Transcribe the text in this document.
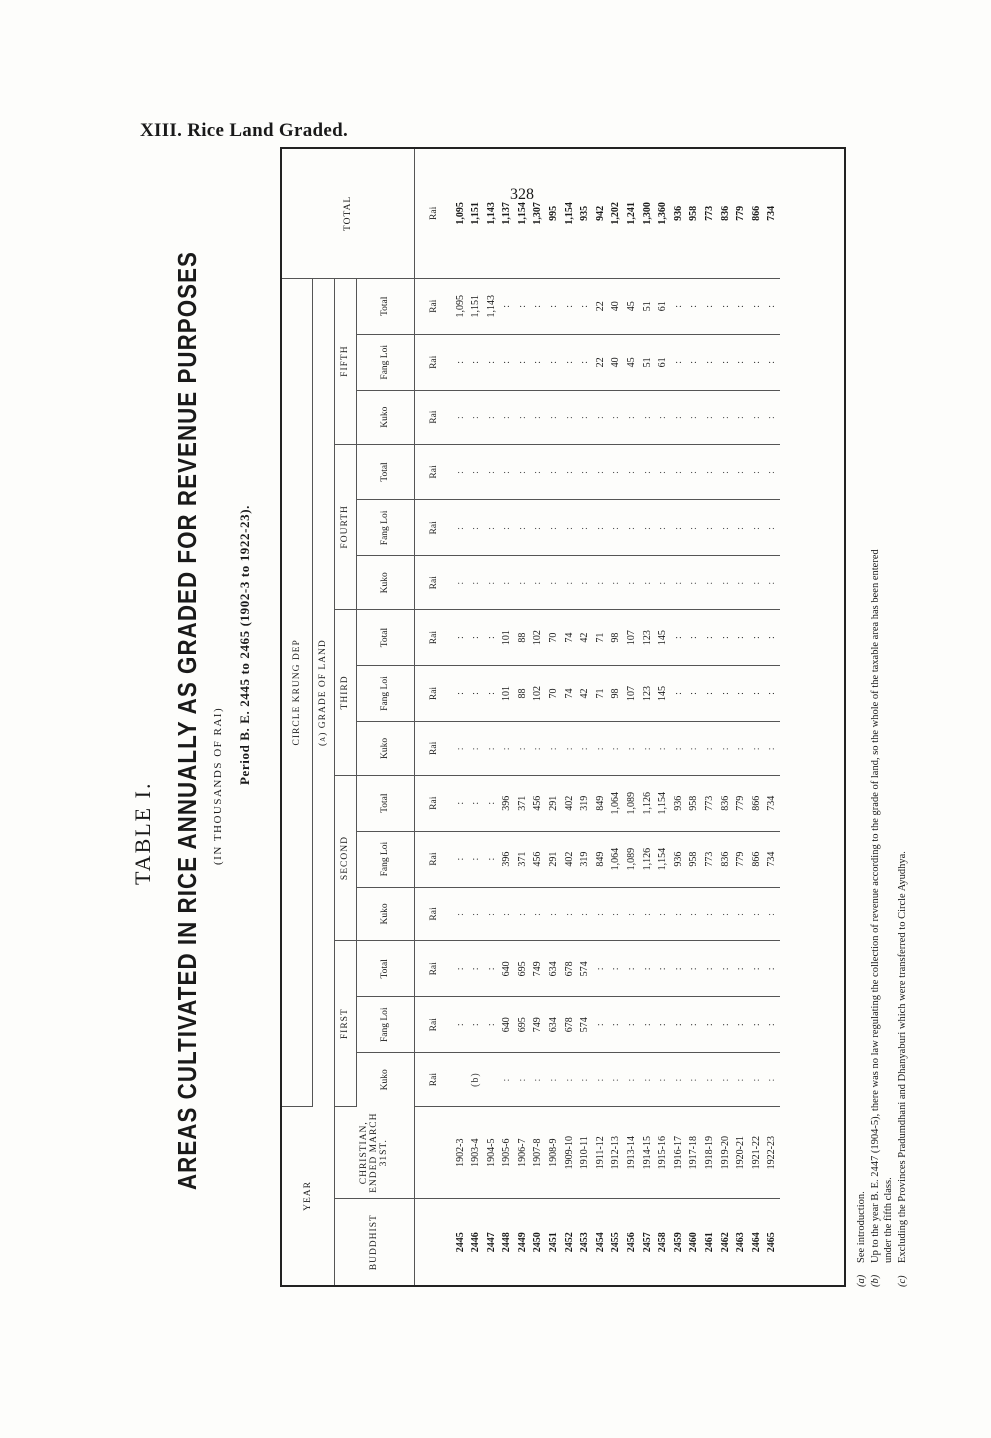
XIII. Rice Land Graded.
328
TABLE I. AREAS CULTIVATED IN RICE ANNUALLY AS GRADED FOR REVENUE PURPOSES (IN THOUSANDS OF RAI)
Period B. E. 2445 to 2465 (1902-3 to 1922-23).
YEAR		CIRCLE KRUNG DEP															TOTAL
		(a) GRADE OF LAND															
BUDDHIST	CHRISTIAN, ENDED MARCH 31ST.	FIRST			SECOND			THIRD			FOURTH			FIFTH			
		Kuko	Fang Loi	Total	Kuko	Fang Loi	Total	Kuko	Fang Loi	Total	Kuko	Fang Loi	Total	Kuko	Fang Loi	Total	
		Rai	Rai	Rai	Rai	Rai	Rai	Rai	Rai	Rai	Rai	Rai	Rai	Rai	Rai	Rai	Rai
2445	1902-3		:	:	:	:	:	:	:	:	:	:	:	:	:	1,095	1,095
2446	1903-4	(b)	:	:	:	:	:	:	:	:	:	:	:	:	:	1,151	1,151
2447	1904-5		:	:	:	:	:	:	:	:	:	:	:	:	:	1,143	1,143
2448	1905-6	:	640	640	:	396	396	:	101	101	:	:	:	:	:	:	1,137
2449	1906-7	:	695	695	:	371	371	:	88	88	:	:	:	:	:	:	1,154
2450	1907-8	:	749	749	:	456	456	:	102	102	:	:	:	:	:	:	1,307
2451	1908-9	:	634	634	:	291	291	:	70	70	:	:	:	:	:	:	995
2452	1909-10	:	678	678	:	402	402	:	74	74	:	:	:	:	:	:	1,154
2453	1910-11	:	574	574	:	319	319	:	42	42	:	:	:	:	:	:	935
2454	1911-12	:	:	:	:	849	849	:	71	71	:	:	:	:	22	22	942
2455	1912-13	:	:	:	:	1,064	1,064	:	98	98	:	:	:	:	40	40	1,202
2456	1913-14	:	:	:	:	1,089	1,089	:	107	107	:	:	:	:	45	45	1,241
2457	1914-15	:	:	:	:	1,126	1,126	:	123	123	:	:	:	:	51	51	1,300
2458	1915-16	:	:	:	:	1,154	1,154	:	145	145	:	:	:	:	61	61	1,360
2459	1916-17	:	:	:	:	936	936	:	:	:	:	:	:	:	:	:	936
2460	1917-18	:	:	:	:	958	958	:	:	:	:	:	:	:	:	:	958
2461	1918-19	:	:	:	:	773	773	:	:	:	:	:	:	:	:	:	773
2462	1919-20	:	:	:	:	836	836	:	:	:	:	:	:	:	:	:	836
2463	1920-21	:	:	:	:	779	779	:	:	:	:	:	:	:	:	:	779
2464	1921-22	:	:	:	:	866	866	:	:	:	:	:	:	:	:	:	866
2465	1922-23	:	:	:	:	734	734	:	:	:	:	:	:	:	:	:	734
(a)See introduction.
(b)Up to the year B. E. 2447 (1904-5), there was no law regulating the collection of revenue according to the grade of land, so the whole of the taxable area has been entered under the fifth class.
(c)Excluding the Provinces Pradumdhani and Dhanyaburi which were transferred to Circle Ayudhya.
